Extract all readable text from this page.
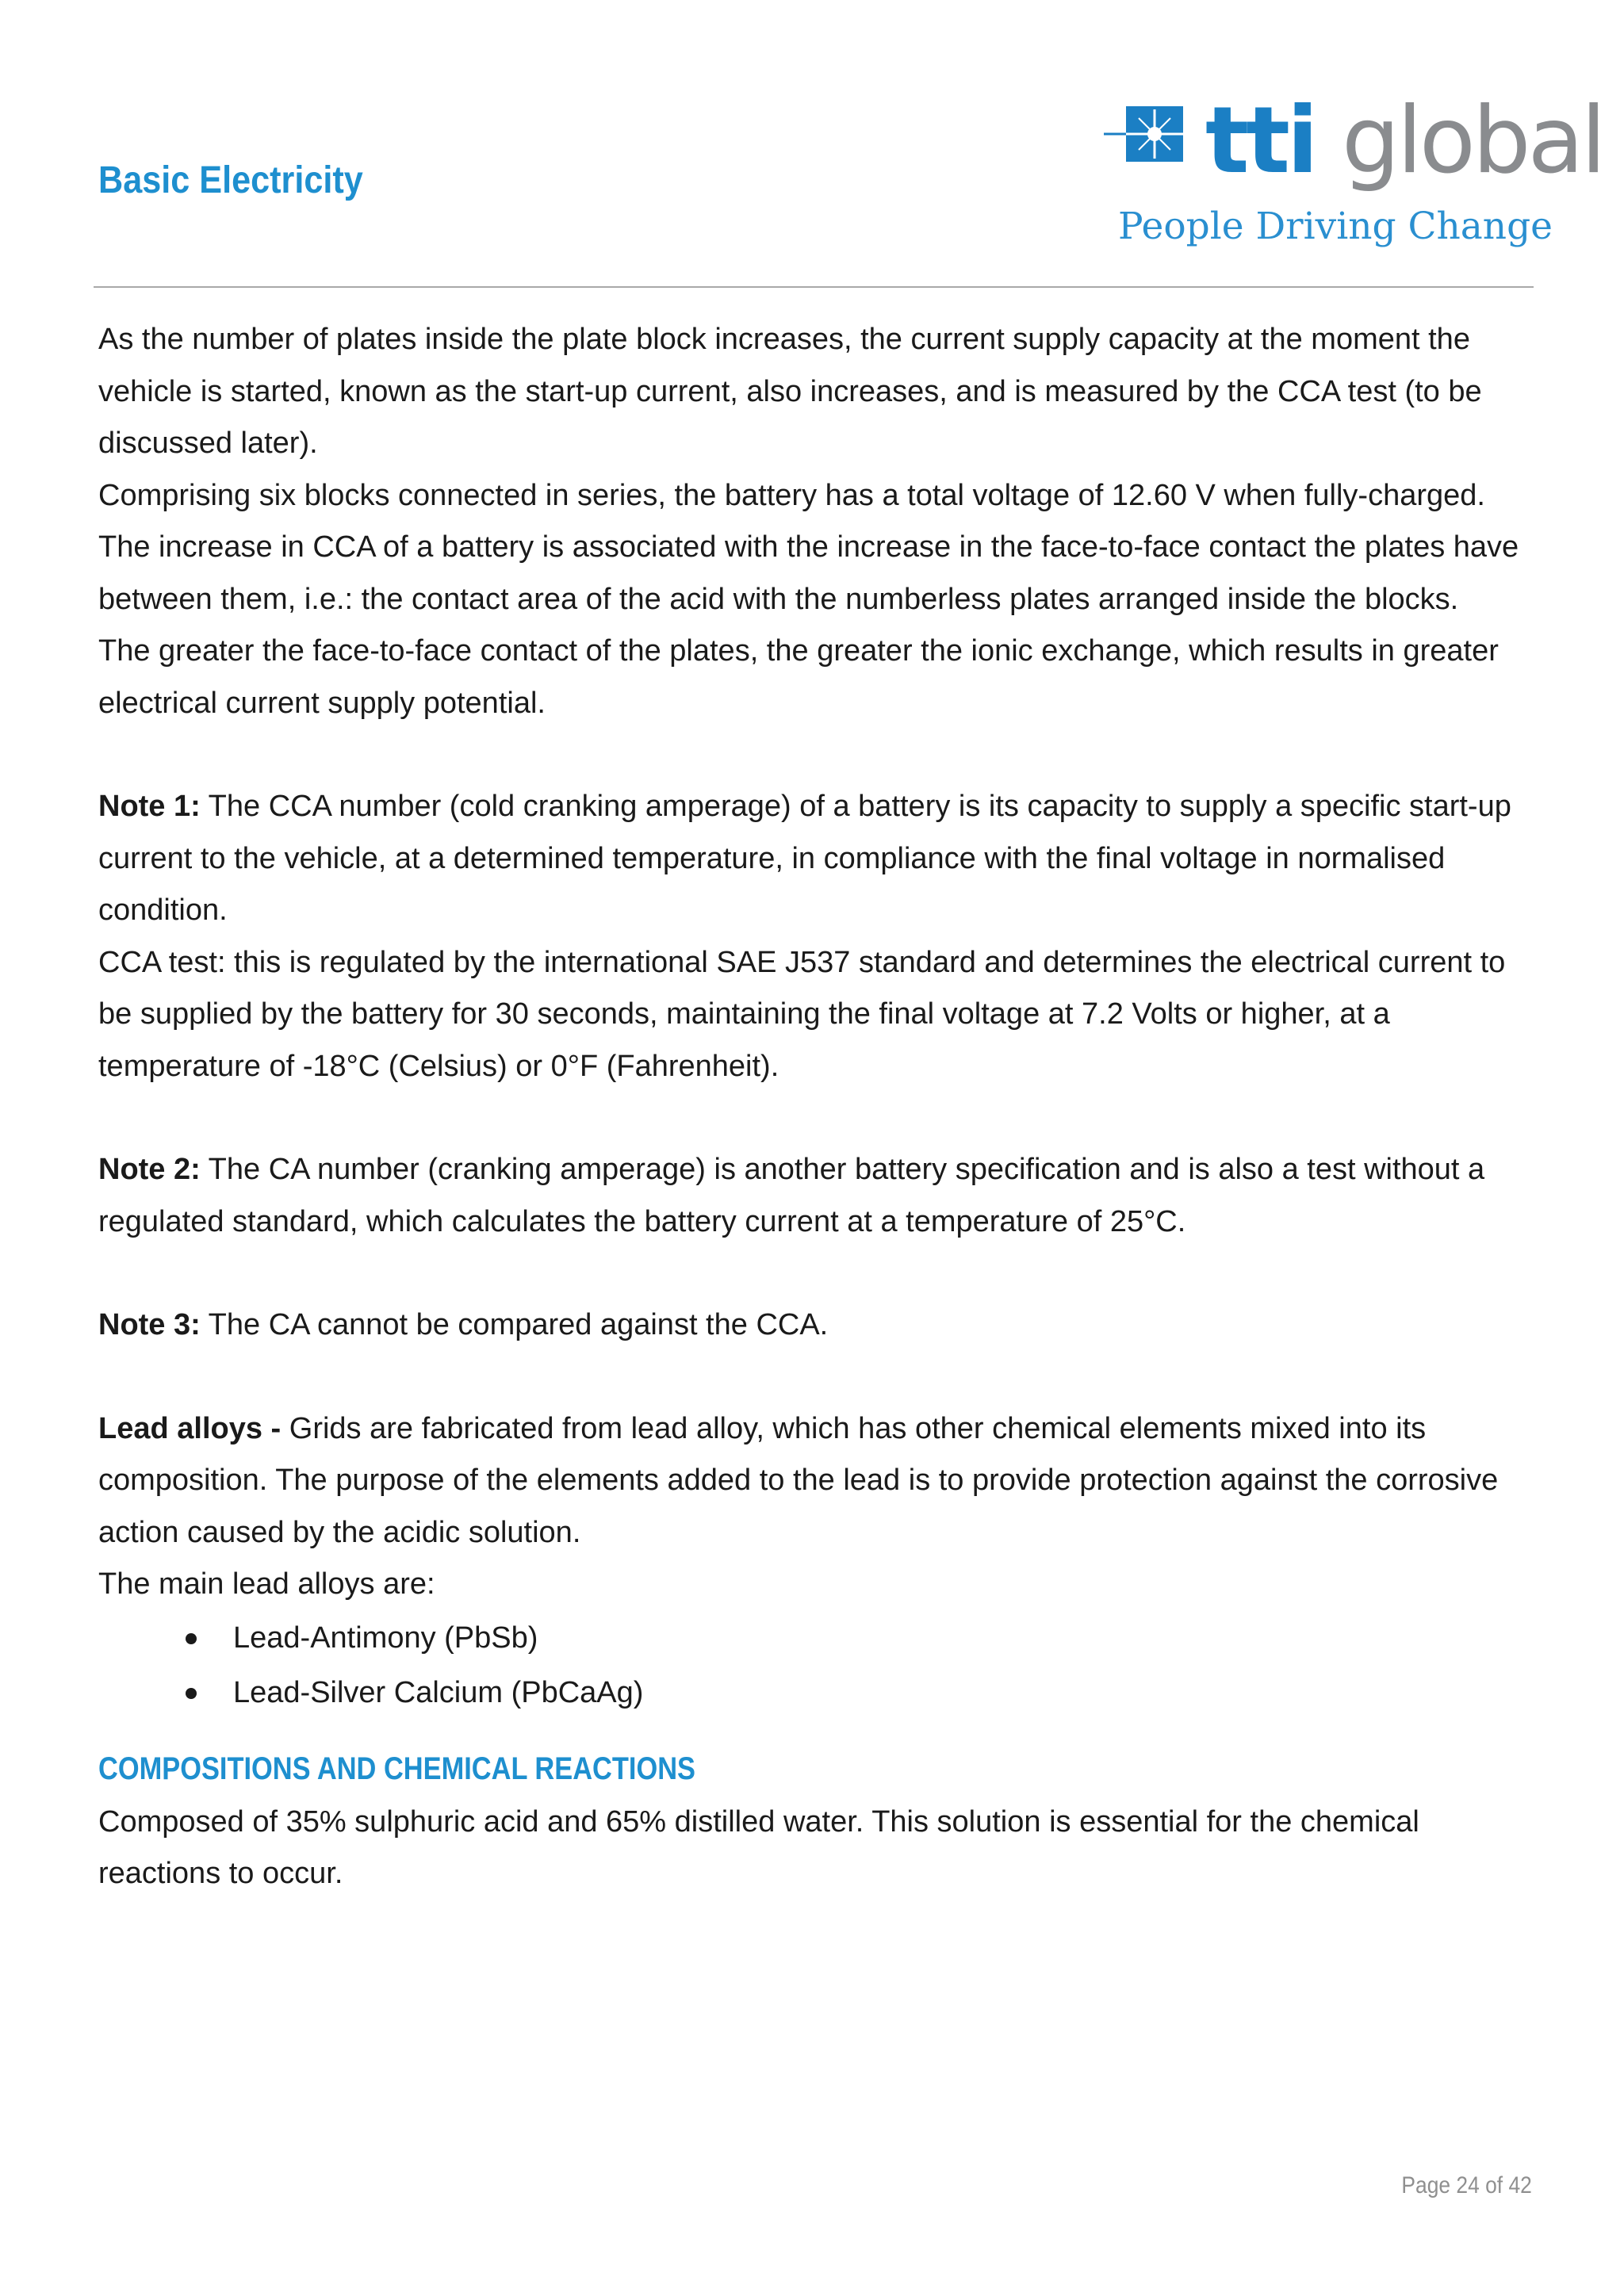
Basic Electricity	tti global
People Driving Change

As the number of plates inside the plate block increases, the current supply capacity at the moment the vehicle is started, known as the start-up current, also increases, and is measured by the CCA test (to be discussed later).

Comprising six blocks connected in series, the battery has a total voltage of 12.60 V when fully-charged.

The increase in CCA of a battery is associated with the increase in the face-to-face contact the plates have between them, i.e.: the contact area of the acid with the numberless plates arranged inside the blocks.

The greater the face-to-face contact of the plates, the greater the ionic exchange, which results in greater electrical current supply potential.

Note 1: The CCA number (cold cranking amperage) of a battery is its capacity to supply a specific start-up current to the vehicle, at a determined temperature, in compliance with the final voltage in normalised condition.

CCA test: this is regulated by the international SAE J537 standard and determines the electrical current to be supplied by the battery for 30 seconds, maintaining the final voltage at 7.2 Volts or higher, at a temperature of -18°C (Celsius) or 0°F (Fahrenheit).

Note 2: The CA number (cranking amperage) is another battery specification and is also a test without a regulated standard, which calculates the battery current at a temperature of 25°C.

Note 3: The CA cannot be compared against the CCA.

Lead alloys - Grids are fabricated from lead alloy, which has other chemical elements mixed into its composition. The purpose of the elements added to the lead is to provide protection against the corrosive action caused by the acidic solution.

The main lead alloys are:

Lead-Antimony (PbSb)
Lead-Silver Calcium (PbCaAg)
COMPOSITIONS AND CHEMICAL REACTIONS

Composed of 35% sulphuric acid and 65% distilled water. This solution is essential for the chemical reactions to occur.

Page 24 of 42
